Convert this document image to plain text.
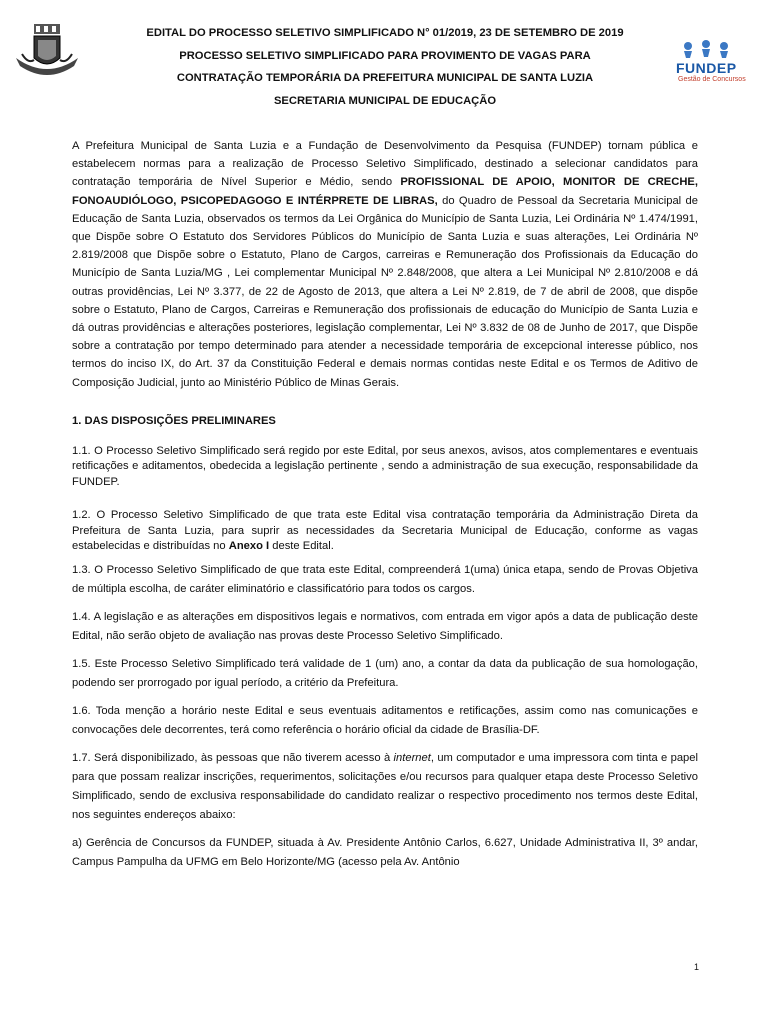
FUNDEP
Gestão de Concursos

EDITAL DO PROCESSO SELETIVO SIMPLIFICADO N° 01/2019, 23 DE SETEMBRO DE 2019

PROCESSO SELETIVO SIMPLIFICADO PARA PROVIMENTO DE VAGAS PARA

CONTRATAÇÃO TEMPORÁRIA DA PREFEITURA MUNICIPAL DE SANTA LUZIA

SECRETARIA MUNICIPAL DE EDUCAÇÃO

A Prefeitura Municipal de Santa Luzia e a Fundação de Desenvolvimento da Pesquisa (FUNDEP) tornam pública e estabelecem normas para a realização de Processo Seletivo Simplificado, destinado a selecionar candidatos para contratação temporária de Nível Superior e Médio, sendo PROFISSIONAL DE APOIO, MONITOR DE CRECHE, FONOAUDIÓLOGO, PSICOPEDAGOGO E INTÉRPRETE DE LIBRAS, do Quadro de Pessoal da Secretaria Municipal de Educação de Santa Luzia, observados os termos da Lei Orgânica do Município de Santa Luzia, Lei Ordinária Nº 1.474/1991, que Dispõe sobre O Estatuto dos Servidores Públicos do Município de Santa Luzia e suas alterações, Lei Ordinária Nº 2.819/2008 que Dispõe sobre o Estatuto, Plano de Cargos, carreiras e Remuneração dos Profissionais da Educação do Município de Santa Luzia/MG , Lei complementar Municipal Nº 2.848/2008, que altera a Lei Municipal Nº 2.810/2008 e dá outras providências, Lei Nº 3.377, de 22 de Agosto de 2013, que altera a Lei Nº 2.819, de 7 de abril de 2008, que dispõe sobre o Estatuto, Plano de Cargos, Carreiras e Remuneração dos profissionais de educação do Município de Santa Luzia e dá outras providências e alterações posteriores, legislação complementar, Lei Nº 3.832 de 08 de Junho de 2017, que Dispõe sobre a contratação por tempo determinado para atender a necessidade temporária de excepcional interesse público, nos termos do inciso IX, do Art. 37 da Constituição Federal e demais normas contidas neste Edital e os Termos de Aditivo de Composição Judicial, junto ao Ministério Público de Minas Gerais.

1. DAS DISPOSIÇÕES PRELIMINARES

1.1. O Processo Seletivo Simplificado será regido por este Edital, por seus anexos, avisos, atos complementares e eventuais retificações e aditamentos, obedecida a legislação pertinente , sendo a administração de sua execução, responsabilidade da FUNDEP.

1.2. O Processo Seletivo Simplificado de que trata este Edital visa contratação temporária da Administração Direta da Prefeitura de Santa Luzia, para suprir as necessidades da Secretaria Municipal de Educação, conforme as vagas estabelecidas e distribuídas no Anexo I deste Edital.

1.3. O Processo Seletivo Simplificado de que trata este Edital, compreenderá 1(uma) única etapa, sendo de Provas Objetiva de múltipla escolha, de caráter eliminatório e classificatório para todos os cargos.

1.4. A legislação e as alterações em dispositivos legais e normativos, com entrada em vigor após a data de publicação deste Edital, não serão objeto de avaliação nas provas deste Processo Seletivo Simplificado.

1.5. Este Processo Seletivo Simplificado terá validade de 1 (um) ano, a contar da data da publicação de sua homologação, podendo ser prorrogado por igual período, a critério da Prefeitura.

1.6. Toda menção a horário neste Edital e seus eventuais aditamentos e retificações, assim como nas comunicações e convocações dele decorrentes, terá como referência o horário oficial da cidade de Brasília-DF.

1.7. Será disponibilizado, às pessoas que não tiverem acesso à internet, um computador e uma impressora com tinta e papel para que possam realizar inscrições, requerimentos, solicitações e/ou recursos para qualquer etapa deste Processo Seletivo Simplificado, sendo de exclusiva responsabilidade do candidato realizar o respectivo procedimento nos termos deste Edital, nos seguintes endereços abaixo:

a) Gerência de Concursos da FUNDEP, situada à Av. Presidente Antônio Carlos, 6.627, Unidade Administrativa II, 3º andar, Campus Pampulha da UFMG em Belo Horizonte/MG (acesso pela Av. Antônio

1
